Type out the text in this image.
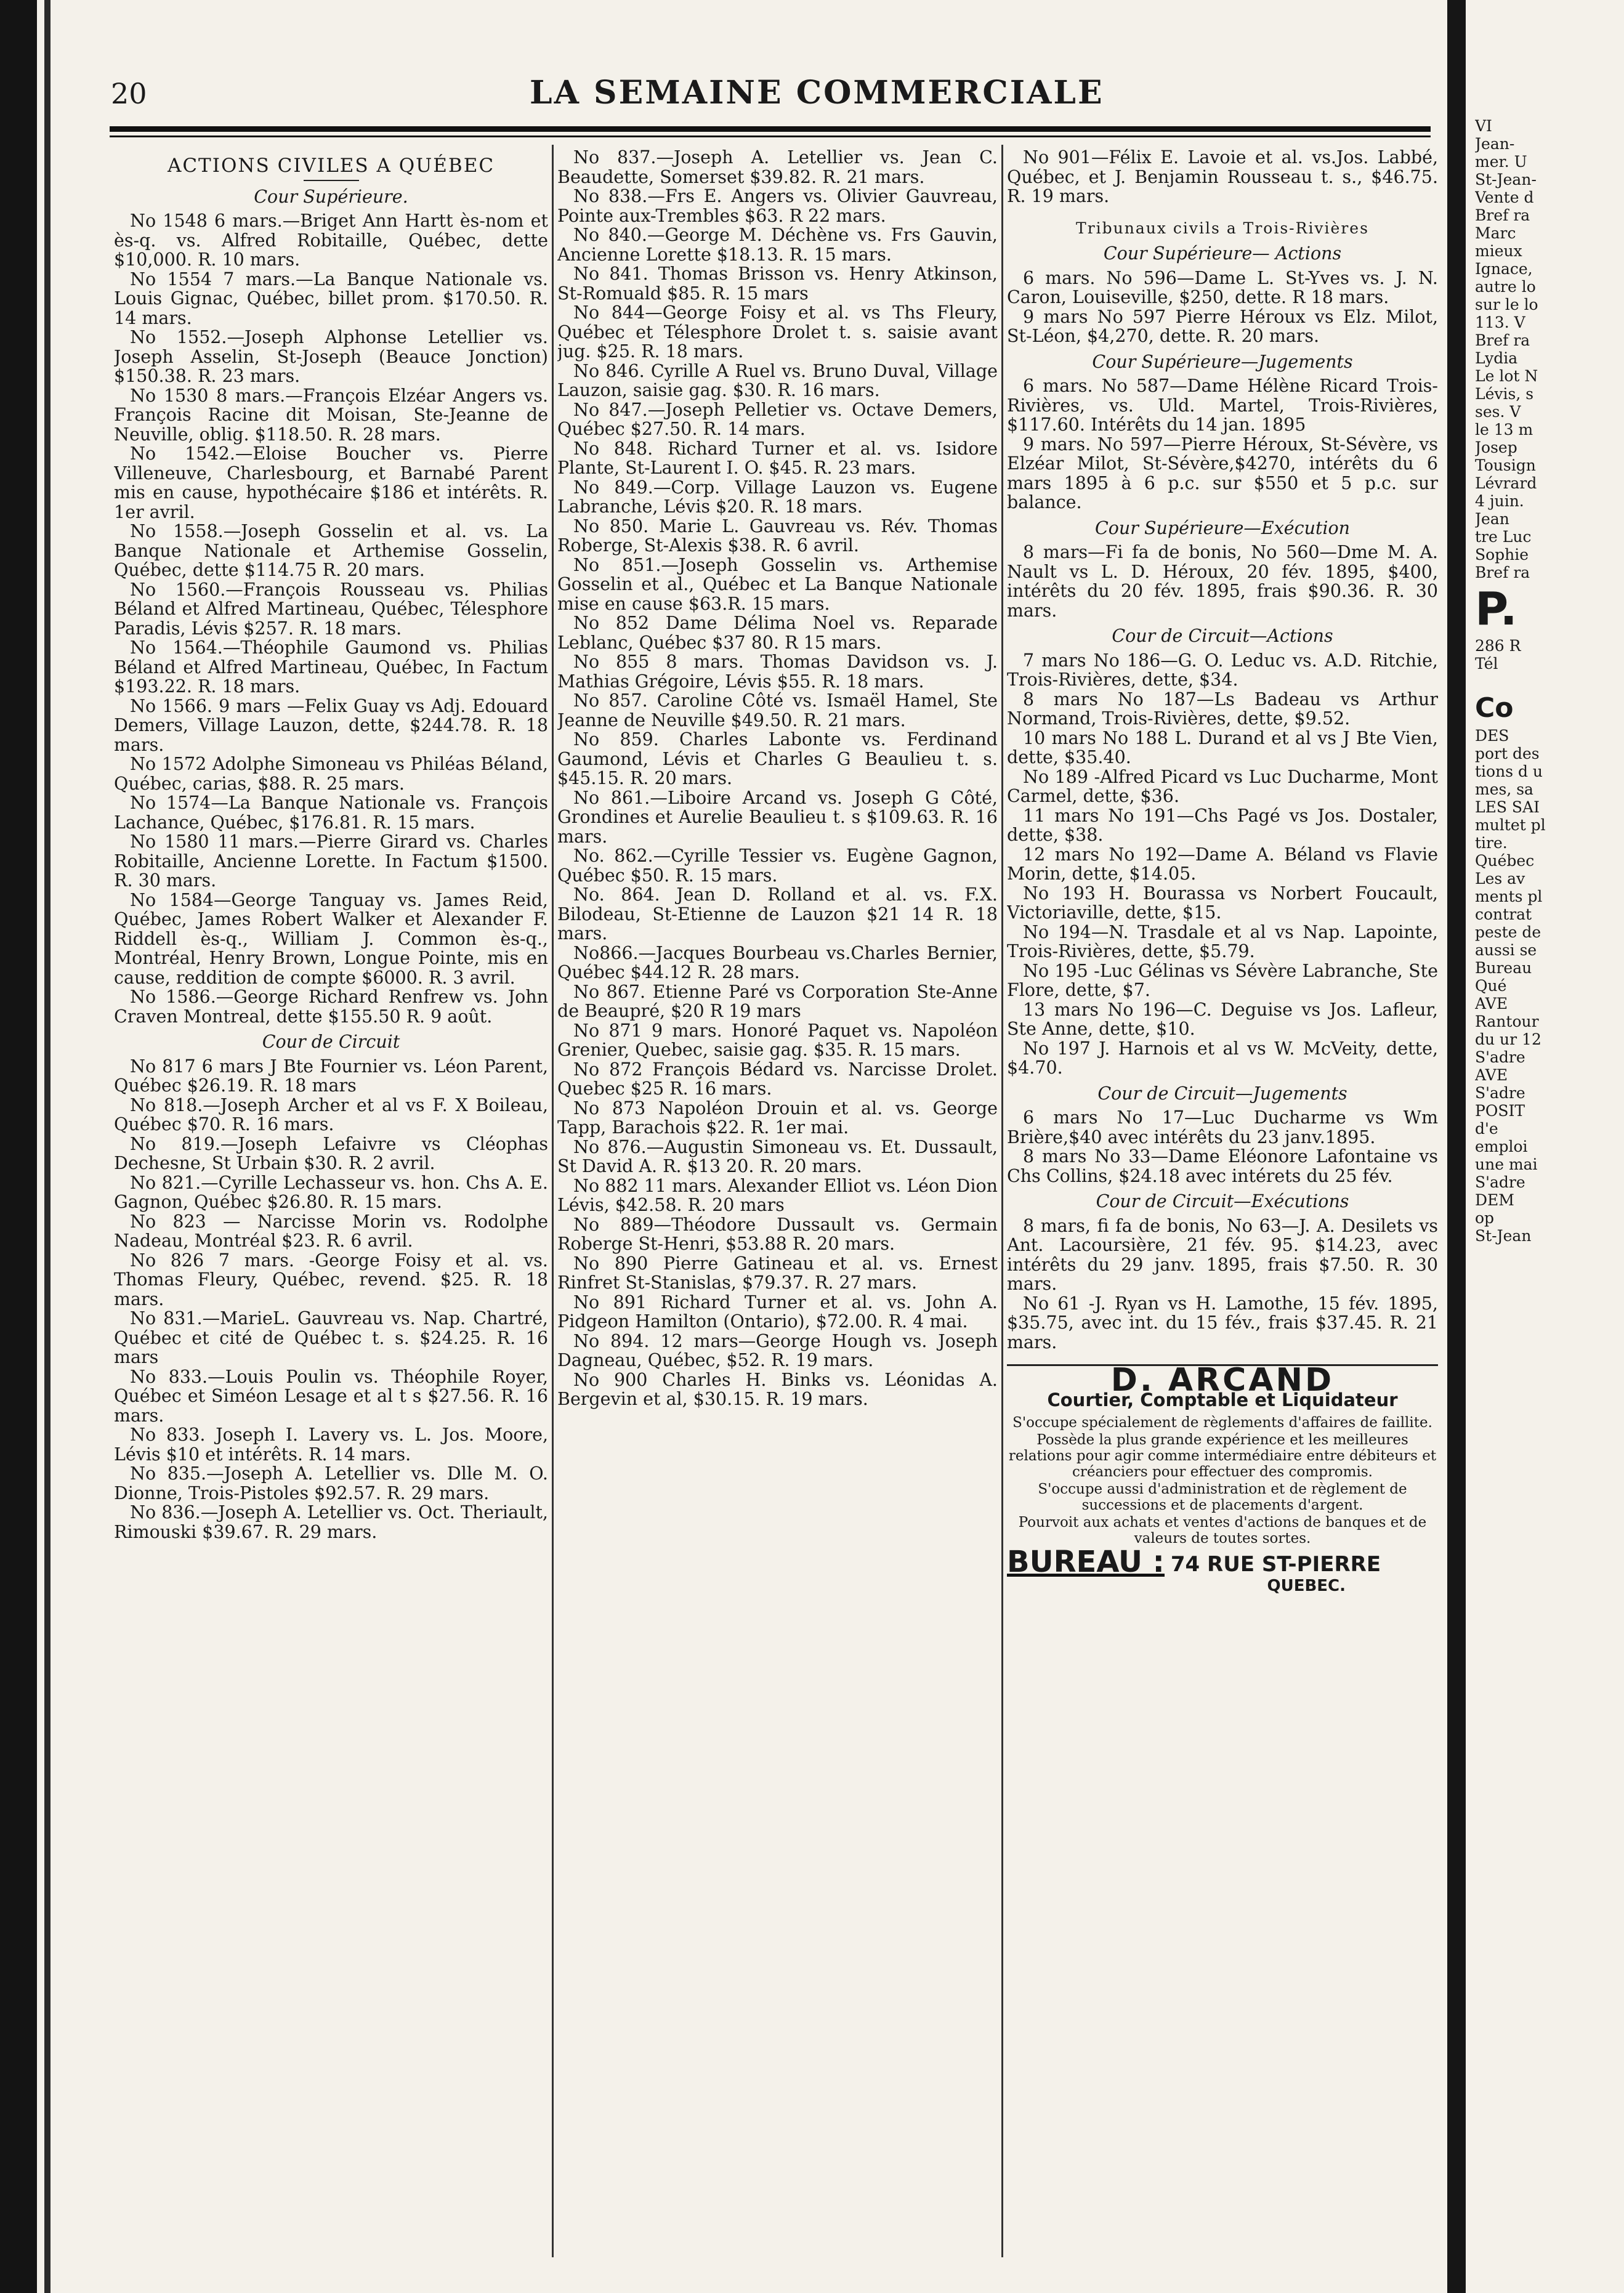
20	LA SEMAINE COMMERCIALE
ACTIONS CIVILES A QUÉBEC
Cour Supérieure.

No 1548 6 mars.—Briget Ann Hartt ès-nom et ès-q. vs. Alfred Robitaille, Québec, dette $10,000. R. 10 mars.

No 1554 7 mars.—La Banque Nationale vs. Louis Gignac, Québec, billet prom. $170.50. R. 14 mars.

No 1552.—Joseph Alphonse Letellier vs. Joseph Asselin, St-Joseph (Beauce Jonction) $150.38. R. 23 mars.

No 1530 8 mars.—François Elzéar Angers vs. François Racine dit Moisan, Ste-Jeanne de Neuville, oblig. $118.50. R. 28 mars.

No 1542.—Eloise Boucher vs. Pierre Villeneuve, Charlesbourg, et Barnabé Parent mis en cause, hypothécaire $186 et intérêts. R. 1er avril.

No 1558.—Joseph Gosselin et al. vs. La Banque Nationale et Arthemise Gosselin, Québec, dette $114.75 R. 20 mars.

No 1560.—François Rousseau vs. Philias Béland et Alfred Martineau, Québec, Télesphore Paradis, Lévis $257. R. 18 mars.

No 1564.—Théophile Gaumond vs. Philias Béland et Alfred Martineau, Québec, In Factum $193.22. R. 18 mars.

No 1566. 9 mars —Felix Guay vs Adj. Edouard Demers, Village Lauzon, dette, $244.78. R. 18 mars.

No 1572 Adolphe Simoneau vs Philéas Béland, Québec, carias, $88. R. 25 mars.

No 1574—La Banque Nationale vs. François Lachance, Québec, $176.81. R. 15 mars.

No 1580 11 mars.—Pierre Girard vs. Charles Robitaille, Ancienne Lorette. In Factum $1500. R. 30 mars.

No 1584—George Tanguay vs. James Reid, Québec, James Robert Walker et Alexander F. Riddell ès-q., William J. Common ès-q., Montréal, Henry Brown, Longue Pointe, mis en cause, reddition de compte $6000. R. 3 avril.

No 1586.—George Richard Renfrew vs. John Craven Montreal, dette $155.50 R. 9 août.

Cour de Circuit

No 817 6 mars J Bte Fournier vs. Léon Parent, Québec $26.19. R. 18 mars

No 818.—Joseph Archer et al vs F. X Boileau, Québec $70. R. 16 mars.

No 819.—Joseph Lefaivre vs Cléophas Dechesne, St Urbain $30. R. 2 avril.

No 821.—Cyrille Lechasseur vs. hon. Chs A. E. Gagnon, Québec $26.80. R. 15 mars.

No 823 — Narcisse Morin vs. Rodolphe Nadeau, Montréal $23. R. 6 avril.

No 826 7 mars. -George Foisy et al. vs. Thomas Fleury, Québec, revend. $25. R. 18 mars.

No 831.—MarieL. Gauvreau vs. Nap. Chartré, Québec et cité de Québec t. s. $24.25. R. 16 mars

No 833.—Louis Poulin vs. Théophile Royer, Québec et Siméon Lesage et al t s $27.56. R. 16 mars.

No 833. Joseph I. Lavery vs. L. Jos. Moore, Lévis $10 et intérêts. R. 14 mars.

No 835.—Joseph A. Letellier vs. Dlle M. O. Dionne, Trois-Pistoles $92.57. R. 29 mars.

No 836.—Joseph A. Letellier vs. Oct. Theriault, Rimouski $39.67. R. 29 mars.

No 837.—Joseph A. Letellier vs. Jean C. Beaudette, Somerset $39.82. R. 21 mars.

No 838.—Frs E. Angers vs. Olivier Gauvreau, Pointe aux-Trembles $63. R 22 mars.

No 840.—George M. Déchène vs. Frs Gauvin, Ancienne Lorette $18.13. R. 15 mars.

No 841. Thomas Brisson vs. Henry Atkinson, St-Romuald $85. R. 15 mars

No 844—George Foisy et al. vs Ths Fleury, Québec et Télesphore Drolet t. s. saisie avant jug. $25. R. 18 mars.

No 846. Cyrille A Ruel vs. Bruno Duval, Village Lauzon, saisie gag. $30. R. 16 mars.

No 847.—Joseph Pelletier vs. Octave Demers, Québec $27.50. R. 14 mars.

No 848. Richard Turner et al. vs. Isidore Plante, St-Laurent I. O. $45. R. 23 mars.

No 849.—Corp. Village Lauzon vs. Eugene Labranche, Lévis $20. R. 18 mars.

No 850. Marie L. Gauvreau vs. Rév. Thomas Roberge, St-Alexis $38. R. 6 avril.

No 851.—Joseph Gosselin vs. Arthemise Gosselin et al., Québec et La Banque Nationale mise en cause $63.R. 15 mars.

No 852 Dame Délima Noel vs. Reparade Leblanc, Québec $37 80. R 15 mars.

No 855 8 mars. Thomas Davidson vs. J. Mathias Grégoire, Lévis $55. R. 18 mars.

No 857. Caroline Côté vs. Ismaël Hamel, Ste Jeanne de Neuville $49.50. R. 21 mars.

No 859. Charles Labonte vs. Ferdinand Gaumond, Lévis et Charles G Beaulieu t. s. $45.15. R. 20 mars.

No 861.—Liboire Arcand vs. Joseph G Côté, Grondines et Aurelie Beaulieu t. s $109.63. R. 16 mars.

No. 862.—Cyrille Tessier vs. Eugène Gagnon, Québec $50. R. 15 mars.

No. 864. Jean D. Rolland et al. vs. F.X. Bilodeau, St-Etienne de Lauzon $21 14 R. 18 mars.

No866.—Jacques Bourbeau vs.Charles Bernier, Québec $44.12 R. 28 mars.

No 867. Etienne Paré vs Corporation Ste-Anne de Beaupré, $20 R 19 mars

No 871 9 mars. Honoré Paquet vs. Napoléon Grenier, Quebec, saisie gag. $35. R. 15 mars.

No 872 François Bédard vs. Narcisse Drolet. Quebec $25 R. 16 mars.

No 873 Napoléon Drouin et al. vs. George Tapp, Barachois $22. R. 1er mai.

No 876.—Augustin Simoneau vs. Et. Dussault, St David A. R. $13 20. R. 20 mars.

No 882 11 mars. Alexander Elliot vs. Léon Dion Lévis, $42.58. R. 20 mars

No 889—Théodore Dussault vs. Germain Roberge St-Henri, $53.88 R. 20 mars.

No 890 Pierre Gatineau et al. vs. Ernest Rinfret St-Stanislas, $79.37. R. 27 mars.

No 891 Richard Turner et al. vs. John A. Pidgeon Hamilton (Ontario), $72.00. R. 4 mai.

No 894. 12 mars—George Hough vs. Joseph Dagneau, Québec, $52. R. 19 mars.

No 900 Charles H. Binks vs. Léonidas A. Bergevin et al, $30.15. R. 19 mars.

No 901—Félix E. Lavoie et al. vs.Jos. Labbé, Québec, et J. Benjamin Rousseau t. s., $46.75. R. 19 mars.

Tribunaux civils a Trois-Rivières
Cour Supérieure— Actions

6 mars. No 596—Dame L. St-Yves vs. J. N. Caron, Louiseville, $250, dette. R 18 mars.

9 mars No 597 Pierre Héroux vs Elz. Milot, St-Léon, $4,270, dette. R. 20 mars.

Cour Supérieure—Jugements

6 mars. No 587—Dame Hélène Ricard Trois-Rivières, vs. Uld. Martel, Trois-Rivières, $117.60. Intérêts du 14 jan. 1895

9 mars. No 597—Pierre Héroux, St-Sévère, vs Elzéar Milot, St-Sévère,$4270, intérêts du 6 mars 1895 à 6 p.c. sur $550 et 5 p.c. sur balance.

Cour Supérieure—Exécution

8 mars—Fi fa de bonis, No 560—Dme M. A. Nault vs L. D. Héroux, 20 fév. 1895, $400, intérêts du 20 fév. 1895, frais $90.36. R. 30 mars.

Cour de Circuit—Actions

7 mars No 186—G. O. Leduc vs. A.D. Ritchie, Trois-Rivières, dette, $34.

8 mars No 187—Ls Badeau vs Arthur Normand, Trois-Rivières, dette, $9.52.

10 mars No 188 L. Durand et al vs J Bte Vien, dette, $35.40.

No 189 -Alfred Picard vs Luc Ducharme, Mont Carmel, dette, $36.

11 mars No 191—Chs Pagé vs Jos. Dostaler, dette, $38.

12 mars No 192—Dame A. Béland vs Flavie Morin, dette, $14.05.

No 193 H. Bourassa vs Norbert Foucault, Victoriaville, dette, $15.

No 194—N. Trasdale et al vs Nap. Lapointe, Trois-Rivières, dette, $5.79.

No 195 -Luc Gélinas vs Sévère Labranche, Ste Flore, dette, $7.

13 mars No 196—C. Deguise vs Jos. Lafleur, Ste Anne, dette, $10.

No 197 J. Harnois et al vs W. McVeity, dette, $4.70.

Cour de Circuit—Jugements

6 mars No 17—Luc Ducharme vs Wm Brière,$40 avec intérêts du 23 janv.1895.

8 mars No 33—Dame Eléonore Lafontaine vs Chs Collins, $24.18 avec intérets du 25 fév.

Cour de Circuit—Exécutions

8 mars, fi fa de bonis, No 63—J. A. Desilets vs Ant. Lacoursière, 21 fév. 95. $14.23, avec intérêts du 29 janv. 1895, frais $7.50. R. 30 mars.

No 61 -J. Ryan vs H. Lamothe, 15 fév. 1895, $35.75, avec int. du 15 fév., frais $37.45. R. 21 mars.

D. ARCAND
Courtier, Comptable et Liquidateur
S'occupe spécialement de règlements d'affaires de faillite.
Possède la plus grande expérience et les meilleures relations pour agir comme intermédiaire entre débiteurs et créanciers pour effectuer des compromis.
S'occupe aussi d'administration et de règlement de successions et de placements d'argent.
Pourvoit aux achats et ventes d'actions de banques et de valeurs de toutes sortes.
BUREAU : 74 RUE ST-PIERRE
QUEBEC.
VI
Jean-
mer. U
St-Jean-
Vente d
Bref ra
Marc
mieux
Ignace,
autre lo
sur le lo
113. V
Bref ra
Lydia
Le lot N
Lévis, s
ses. V
le 13 m
Josep
Tousign
Lévrard
4 juin.
Jean
tre Luc
Sophie
Bref ra
P.
286 R
Tél
Co
DES
port des
tions d u
mes, sa
LES SAI
multet pl
tire.
Québec
Les av
ments pl
contrat
peste de
aussi se
Bureau
Qué
AVE
Rantour
du ur 12
S'adre
AVE
S'adre
POSIT
d'e
emploi
une mai
S'adre
DEM
op
St-Jean
